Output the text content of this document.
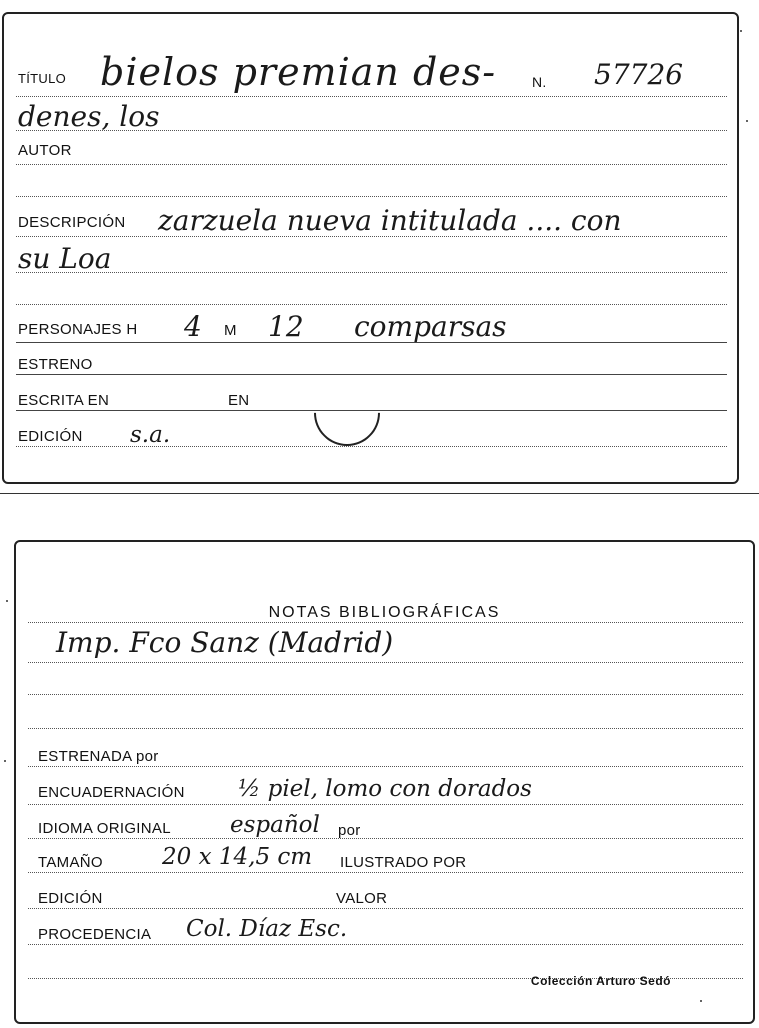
TÍTULO bielos premian des-	N. 57726
denes, los
AUTOR
DESCRIPCIÓN zarzuela nueva intitulada .... con
su Loa
PERSONAJES H 4 M 12 comparsas
ESTRENO
ESCRITA EN	EN
EDICIÓN s.a.
NOTAS BIBLIOGRÁFICAS
Imp. Fco Sanz (Madrid)
ESTRENADA por
ENCUADERNACIÓN ½ piel, lomo con dorados
IDIOMA ORIGINAL	español por
TAMAÑO	20 x 14,5 cm ILUSTRADO POR
EDICIÓN	VALOR
PROCEDENCIA Col. Díaz Esc.
Colección Arturo Sedó
